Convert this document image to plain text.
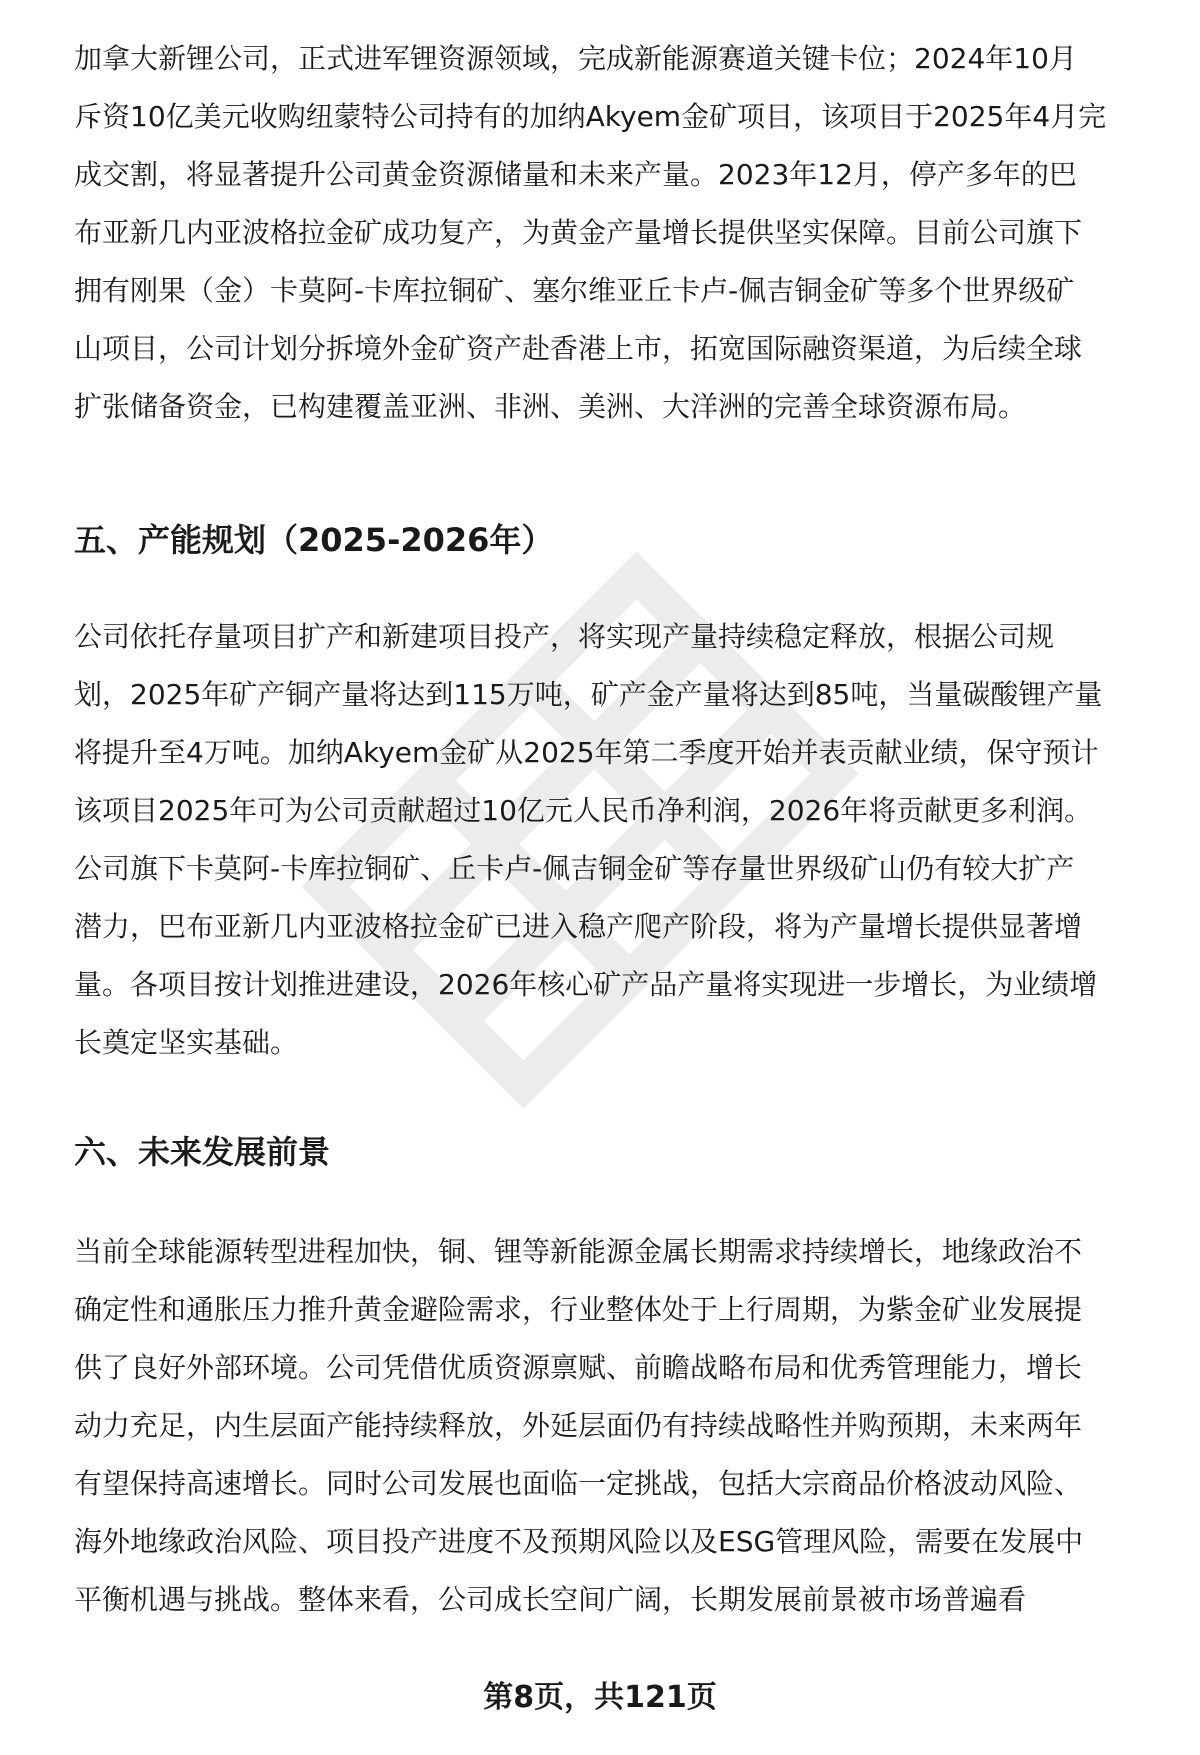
加拿大新锂公司，正式进军锂资源领域，完成新能源赛道关键卡位；2024年10月
斥资10亿美元收购纽蒙特公司持有的加纳Akyem金矿项目，该项目于2025年4月完
成交割，将显著提升公司黄金资源储量和未来产量。2023年12月，停产多年的巴
布亚新几内亚波格拉金矿成功复产，为黄金产量增长提供坚实保障。目前公司旗下
拥有刚果（金）卡莫阿-卡库拉铜矿、塞尔维亚丘卡卢-佩吉铜金矿等多个世界级矿
山项目，公司计划分拆境外金矿资产赴香港上市，拓宽国际融资渠道，为后续全球
扩张储备资金，已构建覆盖亚洲、非洲、美洲、大洋洲的完善全球资源布局。

五、产能规划（2025-2026年）

公司依托存量项目扩产和新建项目投产，将实现产量持续稳定释放，根据公司规
划，2025年矿产铜产量将达到115万吨，矿产金产量将达到85吨，当量碳酸锂产量
将提升至4万吨。加纳Akyem金矿从2025年第二季度开始并表贡献业绩，保守预计
该项目2025年可为公司贡献超过10亿元人民币净利润，2026年将贡献更多利润。
公司旗下卡莫阿-卡库拉铜矿、丘卡卢-佩吉铜金矿等存量世界级矿山仍有较大扩产
潜力，巴布亚新几内亚波格拉金矿已进入稳产爬产阶段，将为产量增长提供显著增
量。各项目按计划推进建设，2026年核心矿产品产量将实现进一步增长，为业绩增
长奠定坚实基础。

六、未来发展前景

当前全球能源转型进程加快，铜、锂等新能源金属长期需求持续增长，地缘政治不
确定性和通胀压力推升黄金避险需求，行业整体处于上行周期，为紫金矿业发展提
供了良好外部环境。公司凭借优质资源禀赋、前瞻战略布局和优秀管理能力，增长
动力充足，内生层面产能持续释放，外延层面仍有持续战略性并购预期，未来两年
有望保持高速增长。同时公司发展也面临一定挑战，包括大宗商品价格波动风险、
海外地缘政治风险、项目投产进度不及预期风险以及ESG管理风险，需要在发展中
平衡机遇与挑战。整体来看，公司成长空间广阔，长期发展前景被市场普遍看

第8页，共121页
